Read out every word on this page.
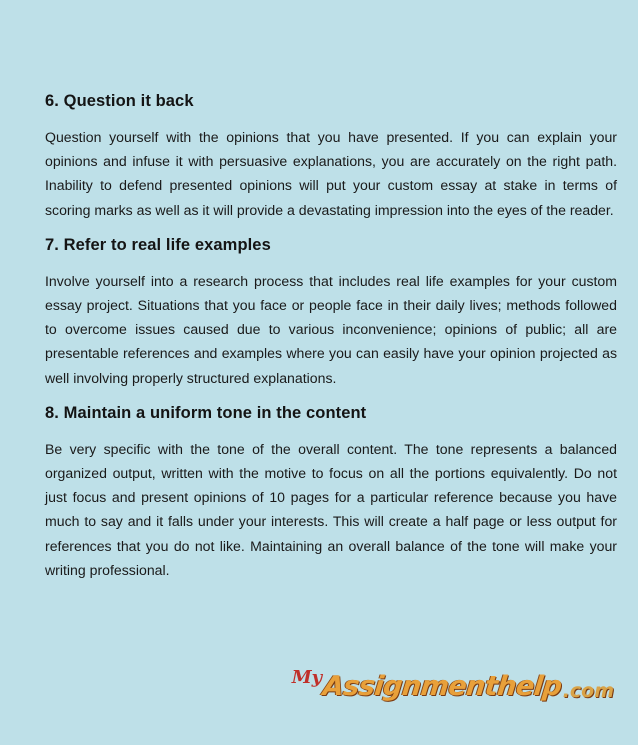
6. Question it back

Question yourself with the opinions that you have presented. If you can explain your opinions and infuse it with persuasive explanations, you are accurately on the right path. Inability to defend presented opinions will put your custom essay at stake in terms of scoring marks as well as it will provide a devastating impression into the eyes of the reader.

7. Refer to real life examples

Involve yourself into a research process that includes real life examples for your custom essay project. Situations that you face or people face in their daily lives; methods followed to overcome issues caused due to various inconvenience; opinions of public; all are presentable references and examples where you can easily have your opinion projected as well involving properly structured explanations.

8. Maintain a uniform tone in the content

Be very specific with the tone of the overall content. The tone represents a balanced organized output, written with the motive to focus on all the portions equivalently. Do not just focus and present opinions of 10 pages for a particular reference because you have much to say and it falls under your interests. This will create a half page or less output for references that you do not like. Maintaining an overall balance of the tone will make your writing professional.

My Assignmenthelp .com
